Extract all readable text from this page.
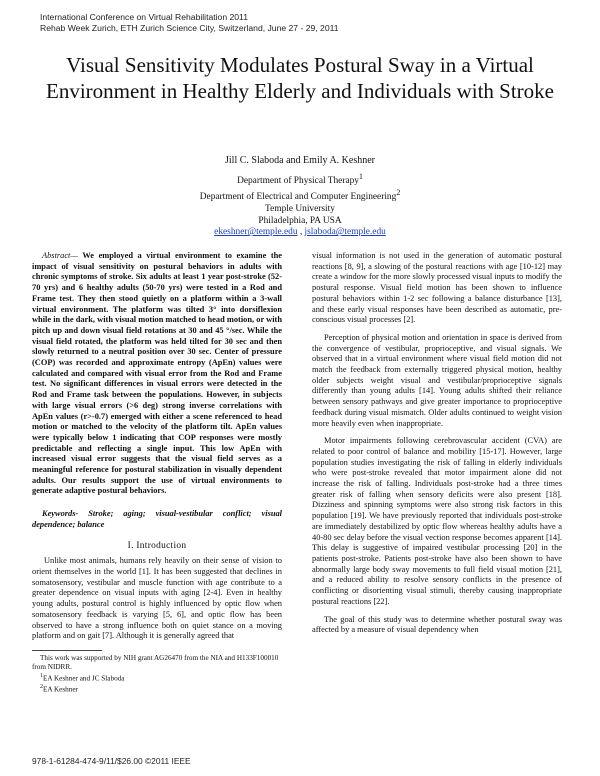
International Conference on Virtual Rehabilitation 2011
Rehab Week Zurich, ETH Zurich Science City, Switzerland, June 27 - 29, 2011
Visual Sensitivity Modulates Postural Sway in a Virtual Environment in Healthy Elderly and Individuals with Stroke
Jill C. Slaboda and Emily A. Keshner
Department of Physical Therapy$^1$
Department of Electrical and Computer Engineering$^2$
Temple University
Philadelphia, PA USA
ekeshner@temple.edu , jslaboda@temple.edu

Abstract— We employed a virtual environment to examine the impact of visual sensitivity on postural behaviors in adults with chronic symptoms of stroke. Six adults at least 1 year post-stroke (52-70 yrs) and 6 healthy adults (50-70 yrs) were tested in a Rod and Frame test. They then stood quietly on a platform within a 3-wall virtual environment. The platform was tilted 3° into dorsiflexion while in the dark, with visual motion matched to head motion, or with pitch up and down visual field rotations at 30 and 45 °/sec. While the visual field rotated, the platform was held tilted for 30 sec and then slowly returned to a neutral position over 30 sec. Center of pressure (COP) was recorded and approximate entropy (ApEn) values were calculated and compared with visual error from the Rod and Frame test. No significant differences in visual errors were detected in the Rod and Frame task between the populations. However, in subjects with large visual errors (>6 deg) strong inverse correlations with ApEn values (r>-0.7) emerged with either a scene referenced to head motion or matched to the velocity of the platform tilt. ApEn values were typically below 1 indicating that COP responses were mostly predictable and reflecting a single input. This low ApEn with increased visual error suggests that the visual field serves as a meaningful reference for postural stabilization in visually dependent adults. Our results support the use of virtual environments to generate adaptive postural behaviors.

Keywords- Stroke; aging; visual-vestibular conflict; visual dependence; balance

I. Introduction

Unlike most animals, humans rely heavily on their sense of vision to orient themselves in the world [1]. It has been suggested that declines in somatosensory, vestibular and muscle function with age contribute to a greater dependence on visual inputs with aging [2-4]. Even in healthy young adults, postural control is highly influenced by optic flow when somatosensory feedback is varying [5, 6], and optic flow has been observed to have a strong influence both on quiet stance on a moving platform and on gait [7]. Although it is generally agreed that

This work was supported by NIH grant AG26470 from the NIA and H133F100010 from NIDRR.
$^1$EA Keshner and JC Slaboda
$^2$EA Keshner

visual information is not used in the generation of automatic postural reactions [8, 9], a slowing of the postural reactions with age [10-12] may create a window for the more slowly processed visual inputs to modify the postural response. Visual field motion has been shown to influence postural behaviors within 1-2 sec following a balance disturbance [13], and these early visual responses have been described as automatic, pre-conscious visual processes [2].

Perception of physical motion and orientation in space is derived from the convergence of vestibular, proprioceptive, and visual signals. We observed that in a virtual environment where visual field motion did not match the feedback from externally triggered physical motion, healthy older subjects weight visual and vestibular/proprioceptive signals differently than young adults [14]. Young adults shifted their reliance between sensory pathways and give greater importance to proprioceptive feedback during visual mismatch. Older adults continued to weight vision more heavily even when inappropriate.

Motor impairments following cerebrovascular accident (CVA) are related to poor control of balance and mobility [15-17]. However, large population studies investigating the risk of falling in elderly individuals who were post-stroke revealed that motor impairment alone did not increase the risk of falling. Individuals post-stroke had a three times greater risk of falling when sensory deficits were also present [18]. Dizziness and spinning symptoms were also strong risk factors in this population [19]. We have previously reported that individuals post-stroke are immediately destabilized by optic flow whereas healthy adults have a 40-80 sec delay before the visual vection response becomes apparent [14]. This delay is suggestive of impaired vestibular processing [20] in the patients post-stroke. Patients post-stroke have also been shown to have abnormally large body sway movements to full field visual motion [21], and a reduced ability to resolve sensory conflicts in the presence of conflicting or disorienting visual stimuli, thereby causing inappropriate postural reactions [22].

The goal of this study was to determine whether postural sway was affected by a measure of visual dependency when

978-1-61284-474-9/11/$26.00 ©2011 IEEE
